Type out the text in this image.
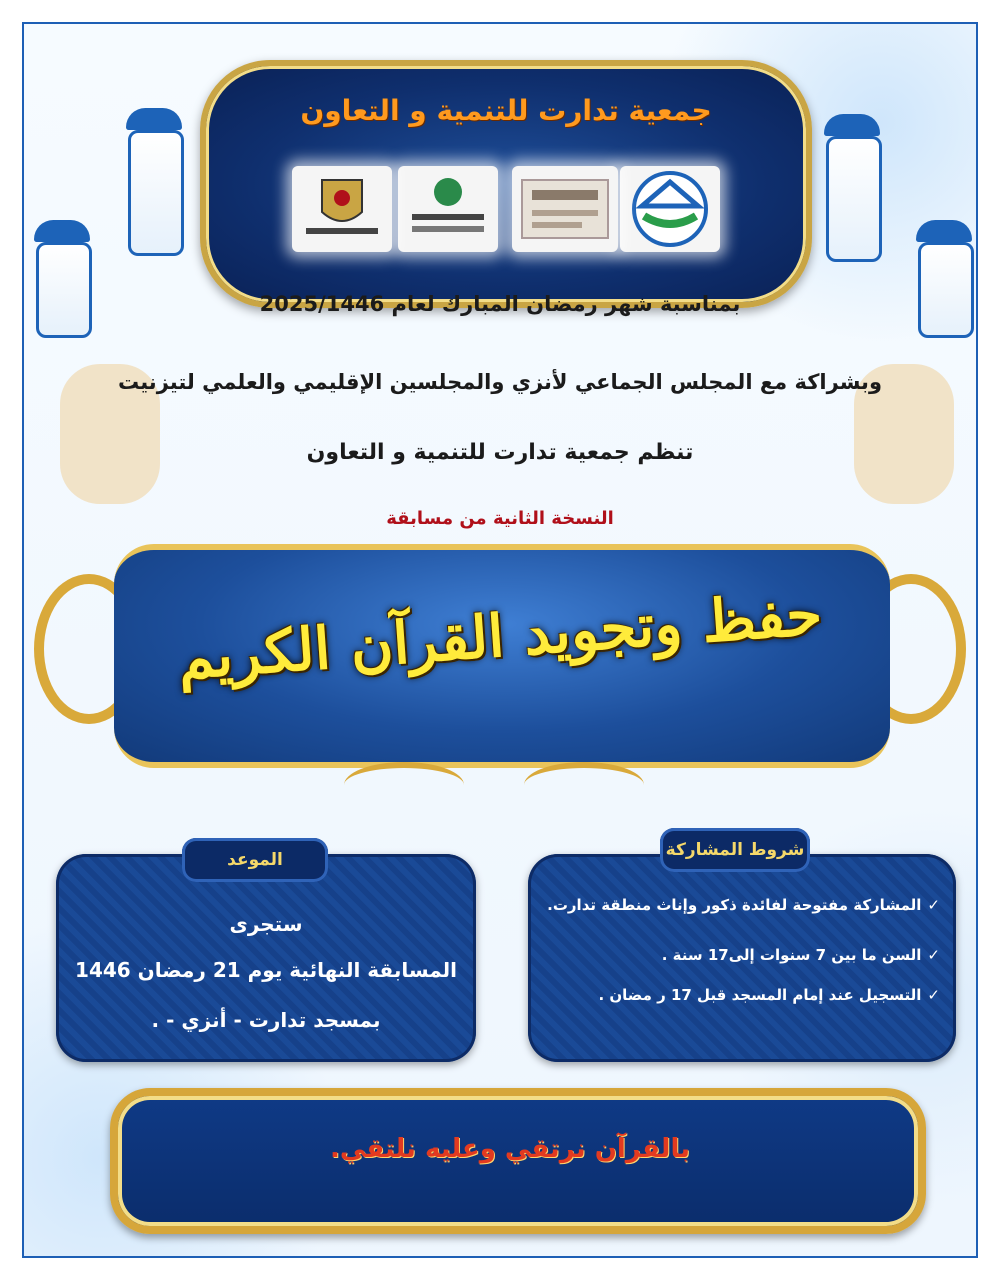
جمعية تدارت للتنمية و التعاون
بمناسبة شهر رمضان المبارك لعام 2025/1446
وبشراكة مع المجلس الجماعي لأنزي والمجلسين الإقليمي والعلمي لتيزنيت
تنظم جمعية تدارت للتنمية و التعاون
النسخة الثانية من مسابقة
حفظ وتجويد القرآن الكريم
شروط المشاركة
✓المشاركة مفتوحة لفائدة ذكور وإناث منطقة تدارت.
✓السن ما بين 7 سنوات إلى17 سنة .
✓التسجيل عند إمام المسجد قبل 17 ر مضان .
الموعد
ستجرى
المسابقة النهائية يوم 21 رمضان 1446
بمسجد تدارت - أنزي - .
بالقرآن نرتقي وعليه نلتقي.
